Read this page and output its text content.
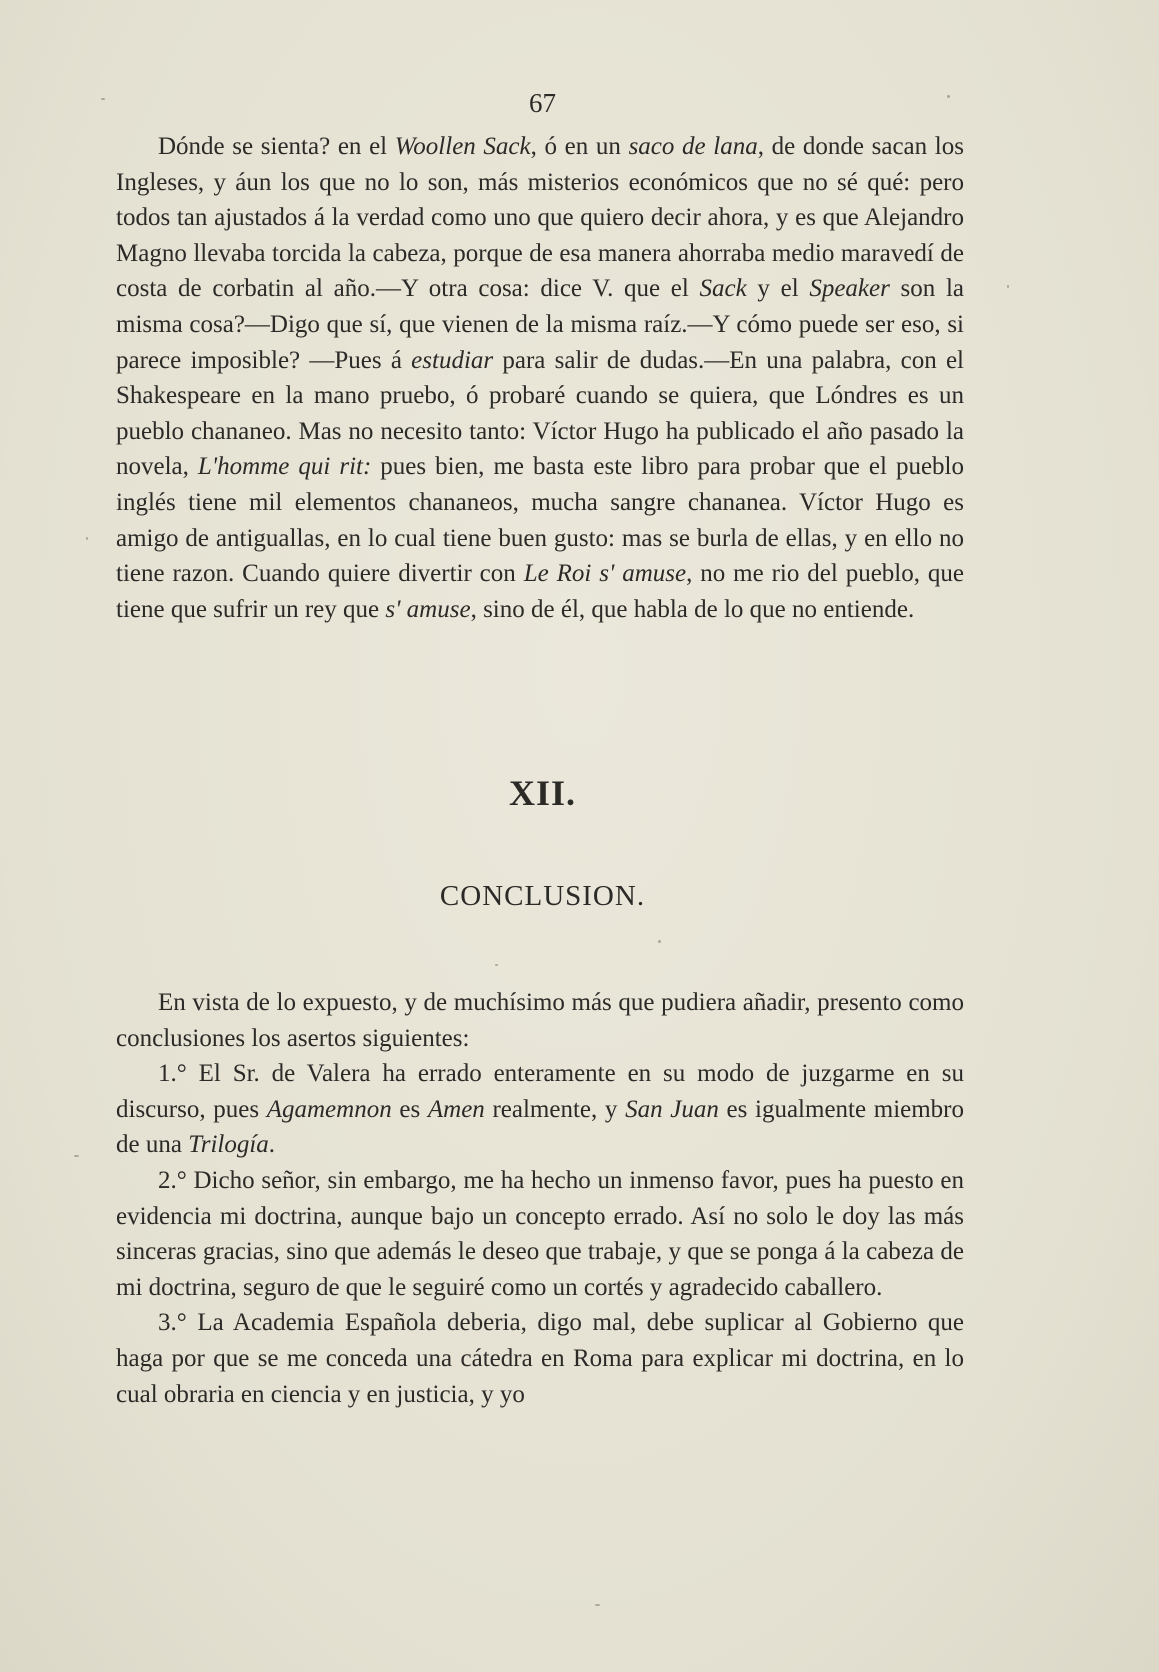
67

Dónde se sienta? en el Woollen Sack, ó en un saco de lana, de donde sacan los Ingleses, y áun los que no lo son, más misterios económicos que no sé qué: pero todos tan ajustados á la verdad como uno que quiero decir ahora, y es que Alejandro Magno llevaba torcida la cabeza, porque de esa manera ahorraba medio maravedí de costa de corbatin al año.—Y otra cosa: dice V. que el Sack y el Speaker son la misma cosa?—Digo que sí, que vienen de la misma raíz.—Y cómo puede ser eso, si parece imposible? —Pues á estudiar para salir de dudas.—En una palabra, con el Shakespeare en la mano pruebo, ó probaré cuando se quiera, que Lóndres es un pueblo chananeo. Mas no necesito tanto: Víctor Hugo ha publicado el año pasado la novela, L'homme qui rit: pues bien, me basta este libro para probar que el pueblo inglés tiene mil elementos chananeos, mucha sangre chananea. Víctor Hugo es amigo de antiguallas, en lo cual tiene buen gusto: mas se burla de ellas, y en ello no tiene razon. Cuando quiere divertir con Le Roi s' amuse, no me rio del pueblo, que tiene que sufrir un rey que s' amuse, sino de él, que habla de lo que no entiende.

XII.
CONCLUSION.

En vista de lo expuesto, y de muchísimo más que pudiera añadir, presento como conclusiones los asertos siguientes:

1.° El Sr. de Valera ha errado enteramente en su modo de juzgarme en su discurso, pues Agamemnon es Amen realmente, y San Juan es igualmente miembro de una Trilogía.

2.° Dicho señor, sin embargo, me ha hecho un inmenso favor, pues ha puesto en evidencia mi doctrina, aunque bajo un concepto errado. Así no solo le doy las más sinceras gracias, sino que además le deseo que trabaje, y que se ponga á la cabeza de mi doctrina, seguro de que le seguiré como un cortés y agradecido caballero.

3.° La Academia Española deberia, digo mal, debe suplicar al Gobierno que haga por que se me conceda una cátedra en Roma para explicar mi doctrina, en lo cual obraria en ciencia y en justicia, y yo
